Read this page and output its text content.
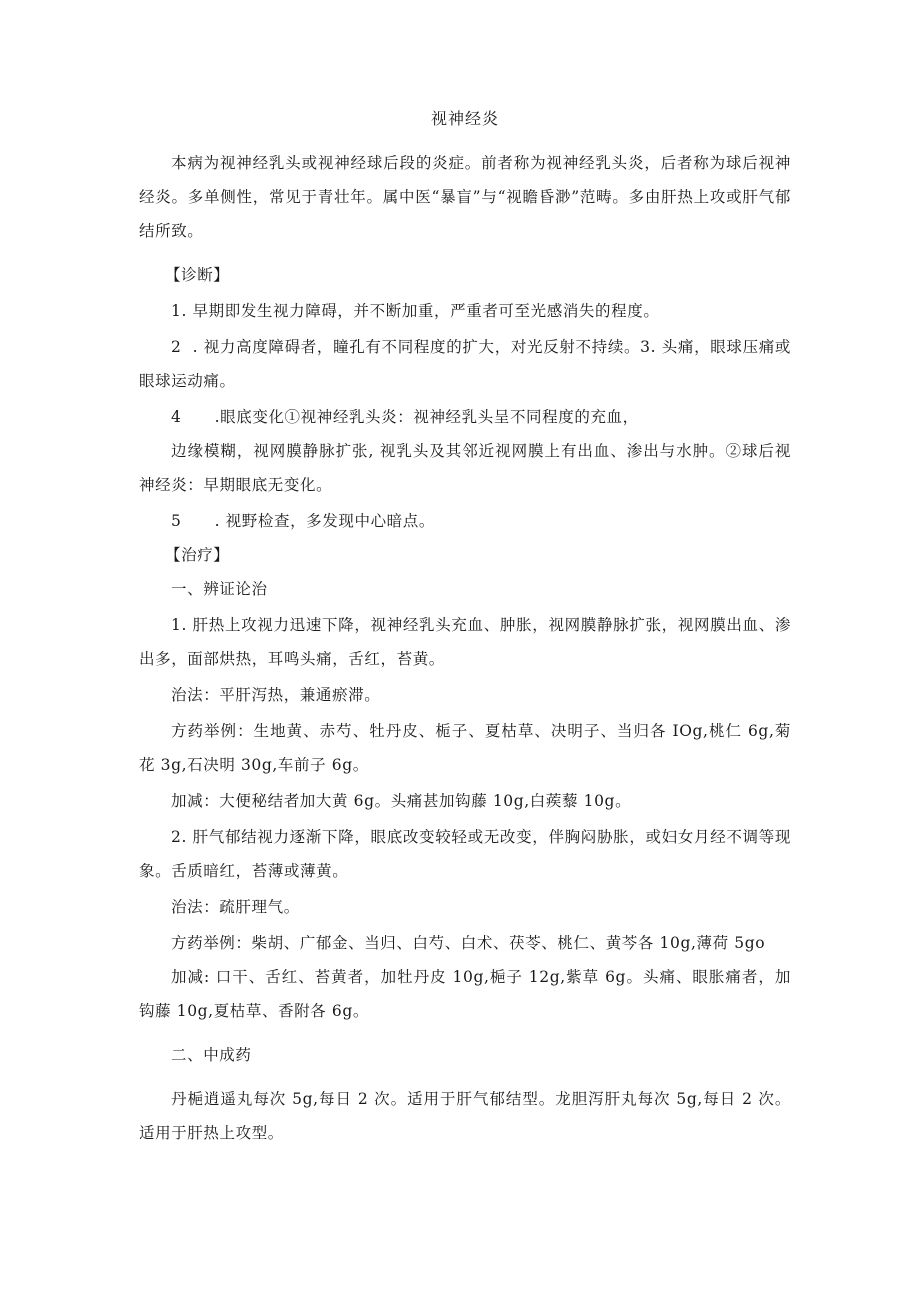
视神经炎

本病为视神经乳头或视神经球后段的炎症。前者称为视神经乳头炎，后者称为球后视神经炎。多单侧性，常见于青壮年。属中医“暴盲”与“视瞻昏渺”范畴。多由肝热上攻或肝气郁结所致。

【诊断】

1. 早期即发生视力障碍，并不断加重，严重者可至光感消失的程度。

2  . 视力高度障碍者，瞳孔有不同程度的扩大，对光反射不持续。3. 头痛，眼球压痛或眼球运动痛。

4      .眼底变化①视神经乳头炎：视神经乳头呈不同程度的充血，

边缘模糊，视网膜静脉扩张, 视乳头及其邻近视网膜上有出血、渗出与水肿。②球后视神经炎：早期眼底无变化。

5      . 视野检查，多发现中心暗点。

【治疗】

一、辨证论治

1. 肝热上攻视力迅速下降，视神经乳头充血、肿胀，视网膜静脉扩张，视网膜出血、渗出多，面部烘热，耳鸣头痛，舌红，苔黄。

治法：平肝泻热，兼通瘀滞。

方药举例：生地黄、赤芍、牡丹皮、栀子、夏枯草、决明子、当归各 IOg,桃仁 6g,菊花 3g,石决明 30g,车前子 6g。

加减：大便秘结者加大黄 6g。头痛甚加钩藤 10g,白蒺藜 10g。

2. 肝气郁结视力逐渐下降，眼底改变较轻或无改变，伴胸闷胁胀，或妇女月经不调等现象。舌质暗红，苔薄或薄黄。

治法：疏肝理气。

方药举例：柴胡、广郁金、当归、白芍、白术、茯苓、桃仁、黄芩各 10g,薄荷 5go

加减: 口干、舌红、苔黄者，加牡丹皮 10g,梔子 12g,紫草 6g。头痛、眼胀痛者，加钩藤 10g,夏枯草、香附各 6g。

二、中成药

丹梔逍遥丸每次 5g,每日 2 次。适用于肝气郁结型。龙胆泻肝丸每次 5g,每日 2 次。适用于肝热上攻型。
